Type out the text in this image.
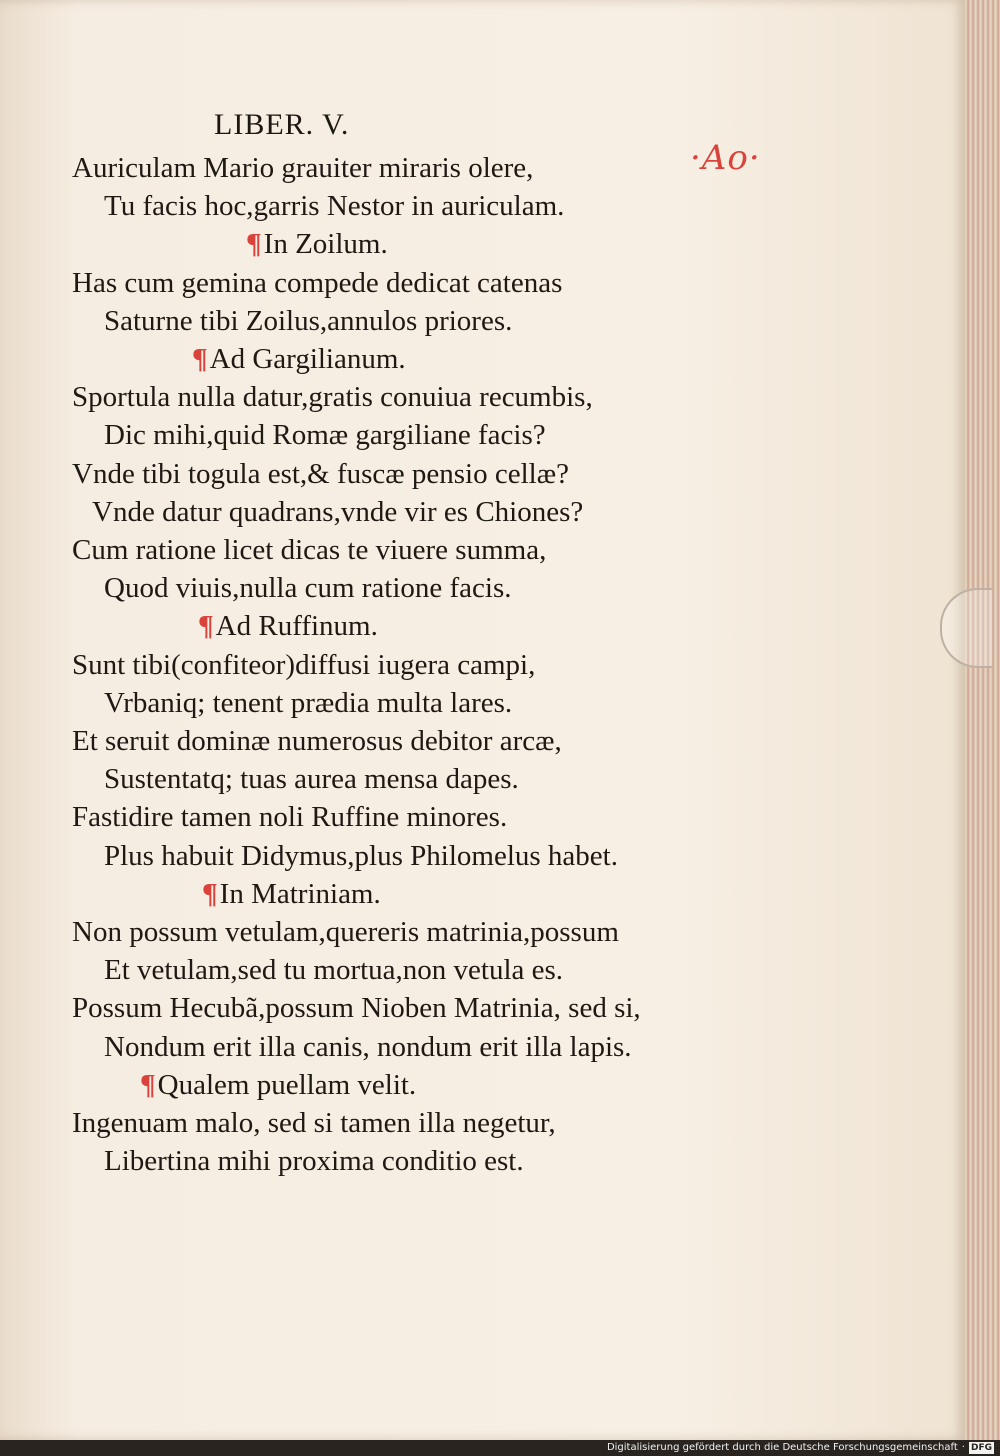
LIBER. V.
·Ao·
Auriculam Mario grauiter miraris olere,
Tu facis hoc,garris Nestor in auriculam.
¶In Zoilum.
Has cum gemina compede dedicat catenas
Saturne tibi Zoilus,annulos priores.
¶Ad Gargilianum.
Sportula nulla datur,gratis conuiua recumbis,
Dic mihi,quid Romæ gargiliane facis?
Vnde tibi togula est,& fuscæ pensio cellæ?
Vnde datur quadrans,vnde vir es Chiones?
Cum ratione licet dicas te viuere summa,
Quod viuis,nulla cum ratione facis.
¶Ad Ruffinum.
Sunt tibi(confiteor)diffusi iugera campi,
Vrbaniq; tenent prædia multa lares.
Et seruit dominæ numerosus debitor arcæ,
Sustentatq; tuas aurea mensa dapes.
Fastidire tamen noli Ruffine minores.
Plus habuit Didymus,plus Philomelus habet.
¶In Matriniam.
Non possum vetulam,quereris matrinia,possum
Et vetulam,sed tu mortua,non vetula es.
Possum Hecubã,possum Nioben Matrinia, sed si,
Nondum erit illa canis, nondum erit illa lapis.
¶Qualem puellam velit.
Ingenuam malo, sed si tamen illa negetur,
Libertina mihi proxima conditio est.
Digitalisierung gefördert durch die Deutsche Forschungsgemeinschaft · DFG
